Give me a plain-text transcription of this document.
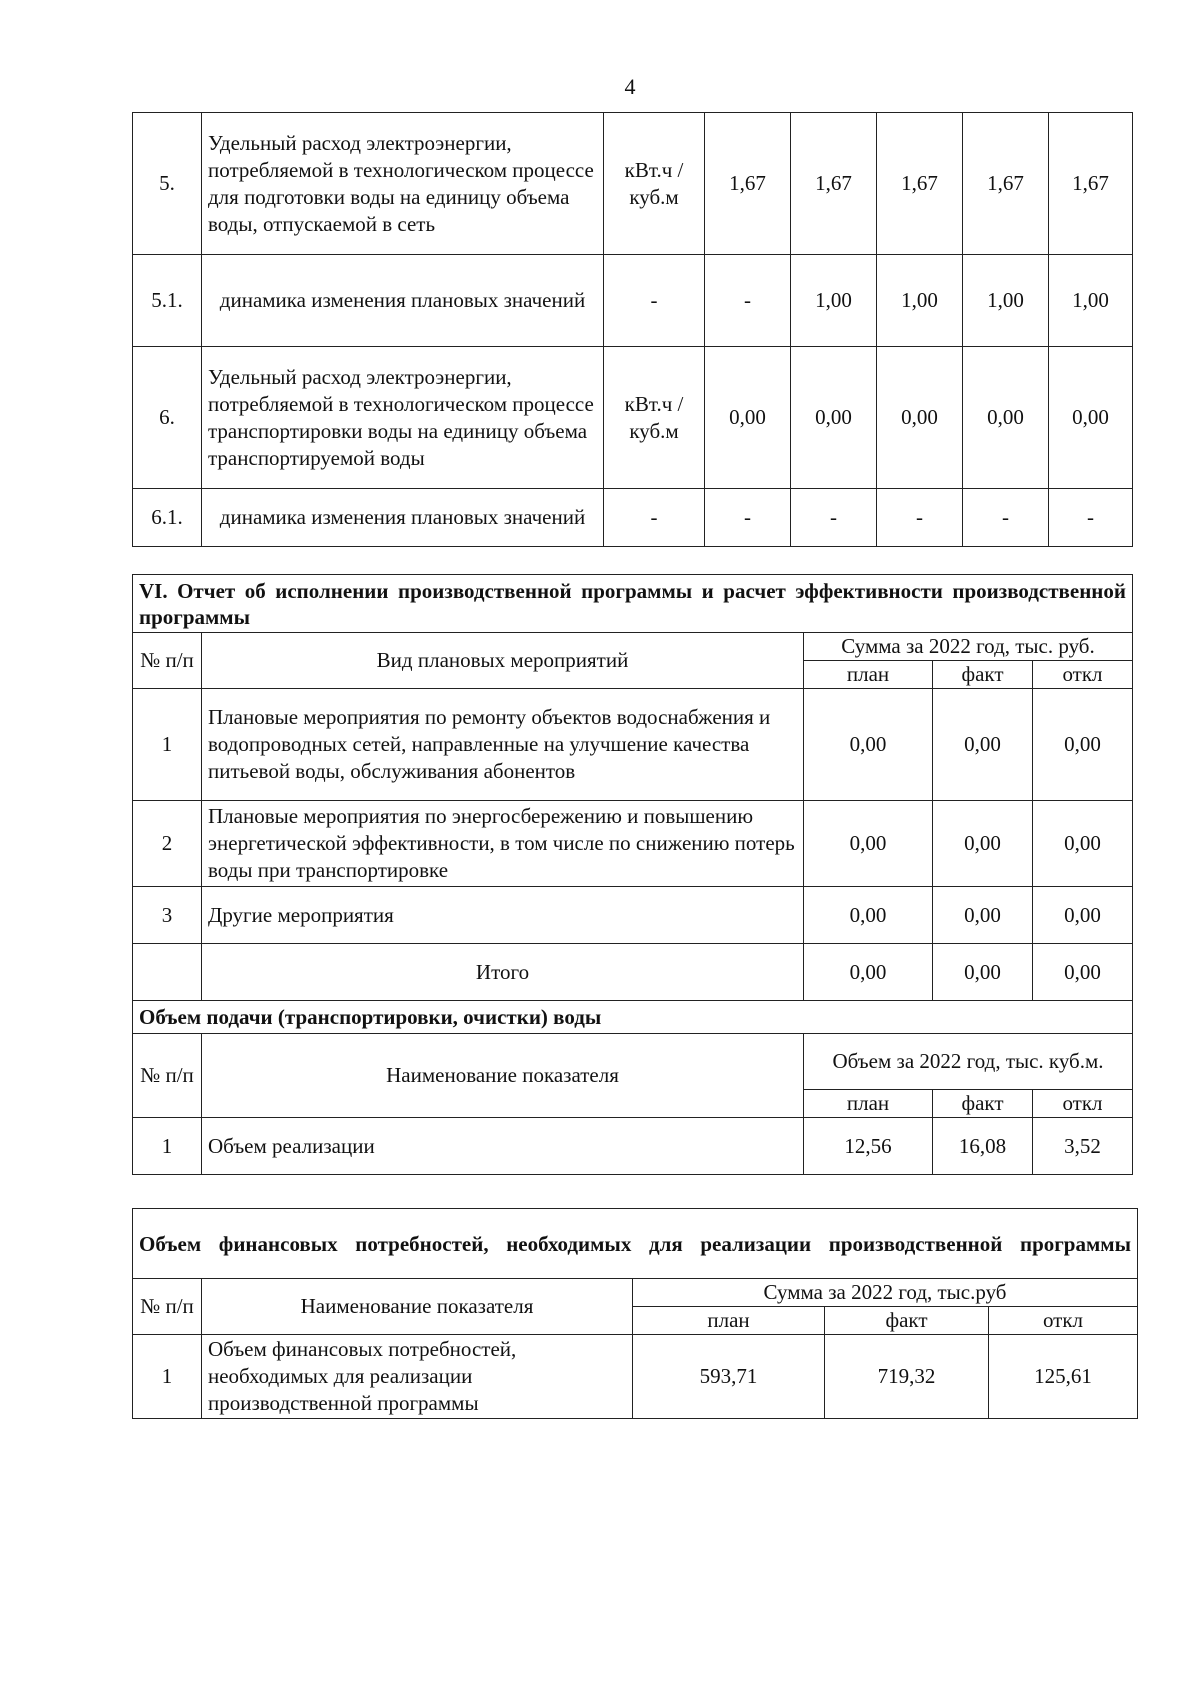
4
5.	Удельный расход электроэнергии, потребляемой в технологическом процессе для подготовки воды на единицу объема воды, отпускаемой в сеть	кВт.ч / куб.м	1,67	1,67	1,67	1,67	1,67
5.1.	динамика изменения плановых значений	-	-	1,00	1,00	1,00	1,00
6.	Удельный расход электроэнергии, потребляемой в технологическом процессе транспортировки воды на единицу объема транспортируемой воды	кВт.ч / куб.м	0,00	0,00	0,00	0,00	0,00
6.1.	динамика изменения плановых значений	-	-	-	-	-	-
VI. Отчет об исполнении производственной программы и расчет эффективности производственной программы				
№ п/п	Вид плановых мероприятий	Сумма за 2022 год, тыс. руб.		
		план	факт	откл
1	Плановые мероприятия по ремонту объектов водоснабжения и водопроводных сетей, направленные на улучшение качества питьевой воды, обслуживания абонентов	0,00	0,00	0,00
2	Плановые мероприятия по энергосбережению и повышению энергетической эффективности, в том числе по снижению потерь воды при транспортировке	0,00	0,00	0,00
3	Другие мероприятия	0,00	0,00	0,00
	Итого	0,00	0,00	0,00
Объем подачи (транспортировки, очистки) воды				
№ п/п	Наименование показателя	Объем за 2022 год, тыс. куб.м.		
		план	факт	откл
1	Объем реализации	12,56	16,08	3,52
Объем финансовых потребностей, необходимых для реализации производственной программы				
№ п/п	Наименование показателя	Сумма за 2022 год, тыс.руб		
		план	факт	откл
1	Объем финансовых потребностей, необходимых для реализации производственной программы	593,71	719,32	125,61
